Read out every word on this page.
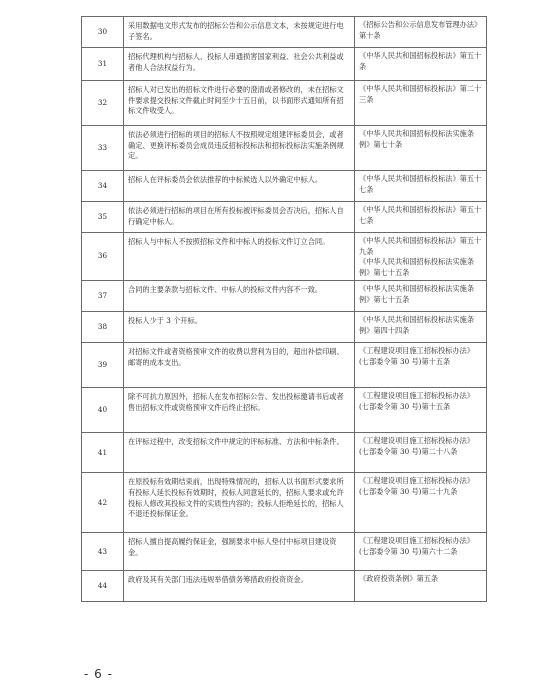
30	采用数据电文形式发布的招标公告和公示信息文本，未按规定进行电子签名。	《招标公告和公示信息发布管理办法》第十条
31	招标代理机构与招标人、投标人串通损害国家利益、社会公共利益或者他人合法权益行为。	《中华人民共和国招标投标法》第五十条
32	招标人对已发出的招标文件进行必要的澄清或者修改的，未在招标文件要求提交投标文件截止时间至少十五日前，以书面形式通知所有招标文件收受人。	《中华人民共和国招标投标法》第二十三条
33	依法必须进行招标的项目的招标人不按照规定组建评标委员会，或者确定、更换评标委员会成员违反招标投标法和招标投标法实施条例规定。	《中华人民共和国招标投标法实施条例》第七十条
34	招标人在评标委员会依法推荐的中标候选人以外确定中标人。	《中华人民共和国招标投标法》第五十七条
35	依法必须进行招标的项目在所有投标被评标委员会否决后，招标人自行确定中标人。	《中华人民共和国招标投标法》第五十七条
36	招标人与中标人不按照招标文件和中标人的投标文件订立合同。	《中华人民共和国招标投标法》第五十九条
《中华人民共和国招标投标法实施条例》第七十五条
37	合同的主要条款与招标文件、中标人的投标文件内容不一致。	《中华人民共和国招标投标法实施条例》第七十五条
38	投标人少于 3 个开标。	《中华人民共和国招标投标法实施条例》第四十四条
39	对招标文件或者资格预审文件的收费以营利为目的，超出补偿印刷、邮寄的成本支出。	《工程建设项目施工招标投标办法》(七部委令第 30 号)第十五条
40	除不可抗力原因外，招标人在发布招标公告、发出投标邀请书后或者售出招标文件或资格预审文件后终止招标。	《工程建设项目施工招标投标办法》(七部委令第 30 号)第十五条
41	在评标过程中，改变招标文件中规定的评标标准、方法和中标条件。	《工程建设项目施工招标投标办法》(七部委令第 30 号)第二十八条
42	在原投标有效期结束前，出现特殊情况的，招标人以书面形式要求所有投标人延长投标有效期时，投标人同意延长的，招标人要求或允许投标人修改其投标文件的实质性内容的；投标人拒绝延长的，招标人不退还投标保证金。	《工程建设项目施工招标投标办法》(七部委令第 30 号)第二十九条
43	招标人擅自提高履约保证金，强制要求中标人垫付中标项目建设资金。	《工程建设项目施工招标投标办法》(七部委令第 30 号)第六十二条
44	政府及其有关部门违法违规举借债务筹措政府投资资金。	《政府投资条例》第五条
- 6 -
